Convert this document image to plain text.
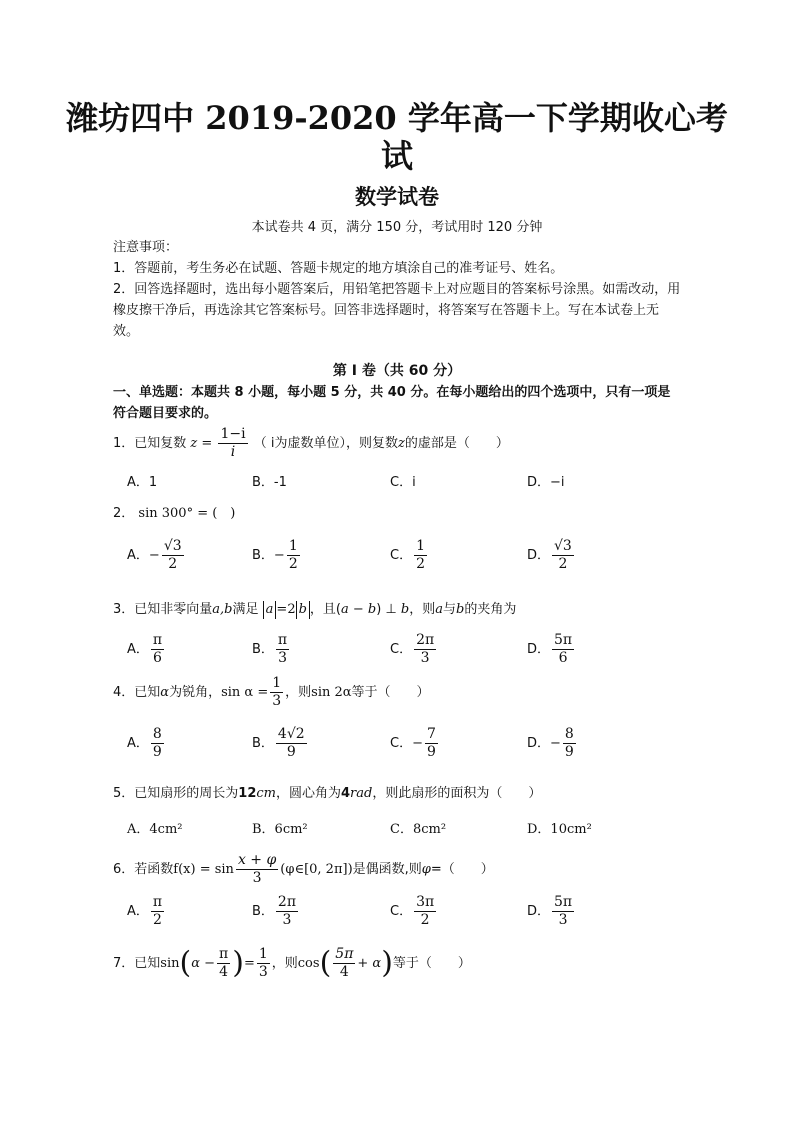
潍坊四中 2019-2020 学年高一下学期收心考
试
数学试卷
本试卷共 4 页，满分 150 分，考试用时 120 分钟
注意事项：
1．答题前，考生务必在试题、答题卡规定的地方填涂自己的准考证号、姓名。
2．回答选择题时，选出每小题答案后，用铅笔把答题卡上对应题目的答案标号涂黑。如需改动，用橡皮擦干净后，再选涂其它答案标号。回答非选择题时，将答案写在答题卡上。写在本试卷上无效。
第 I 卷（共 60 分）
一、单选题：本题共 8 小题，每小题 5 分，共 40 分。在每小题给出的四个选项中，只有一项是符合题目要求的。
1．已知复数 $z = \frac{1-i}{i}$ （ i为虚数单位），则复数z的虚部是（　　）
A．1	B．-1	C．i	D．−i
2． sin 300° = (　)
A．− $\frac{√3}{2}$	B．− $\frac{1}{2}$	C． $\frac{1}{2}$	D． $\frac{√3}{2}$
3．已知非零向量a,b满足 a =2 b ，且(a − b) ⊥ b，则a与b的夹角为
A． $\frac{\pi}{6}$	B． $\frac{\pi}{3}$	C． $\frac{2\pi}{3}$	D． $\frac{5\pi}{6}$
4．已知α为锐角，$\sin \alpha = \frac{1}{3}$ ，则sin 2α等于（　　）
A． $\frac{8}{9}$	B． $\frac{4√2}{9}$	C．− $\frac{7}{9}$	D．− $\frac{8}{9}$
5．已知扇形的周长为12cm，圆心角为4rad，则此扇形的面积为（　　）
A．4cm²	B．6cm²	C．8cm²	D．10cm²
6．若函数$f(x) = \sin \frac{x + \varphi}{3}$ (φ∈[0, 2π])是偶函数,则φ=（　　）
A． $\frac{\pi}{2}$	B． $\frac{2\pi}{3}$	C． $\frac{3\pi}{2}$	D． $\frac{5\pi}{3}$
7．已知$\sin(\alpha - \frac{\pi}{4}$ )= $\frac{1}{3}$ ，则$\cos( \frac{5\pi}{4} + \alpha)$等于（　　）
